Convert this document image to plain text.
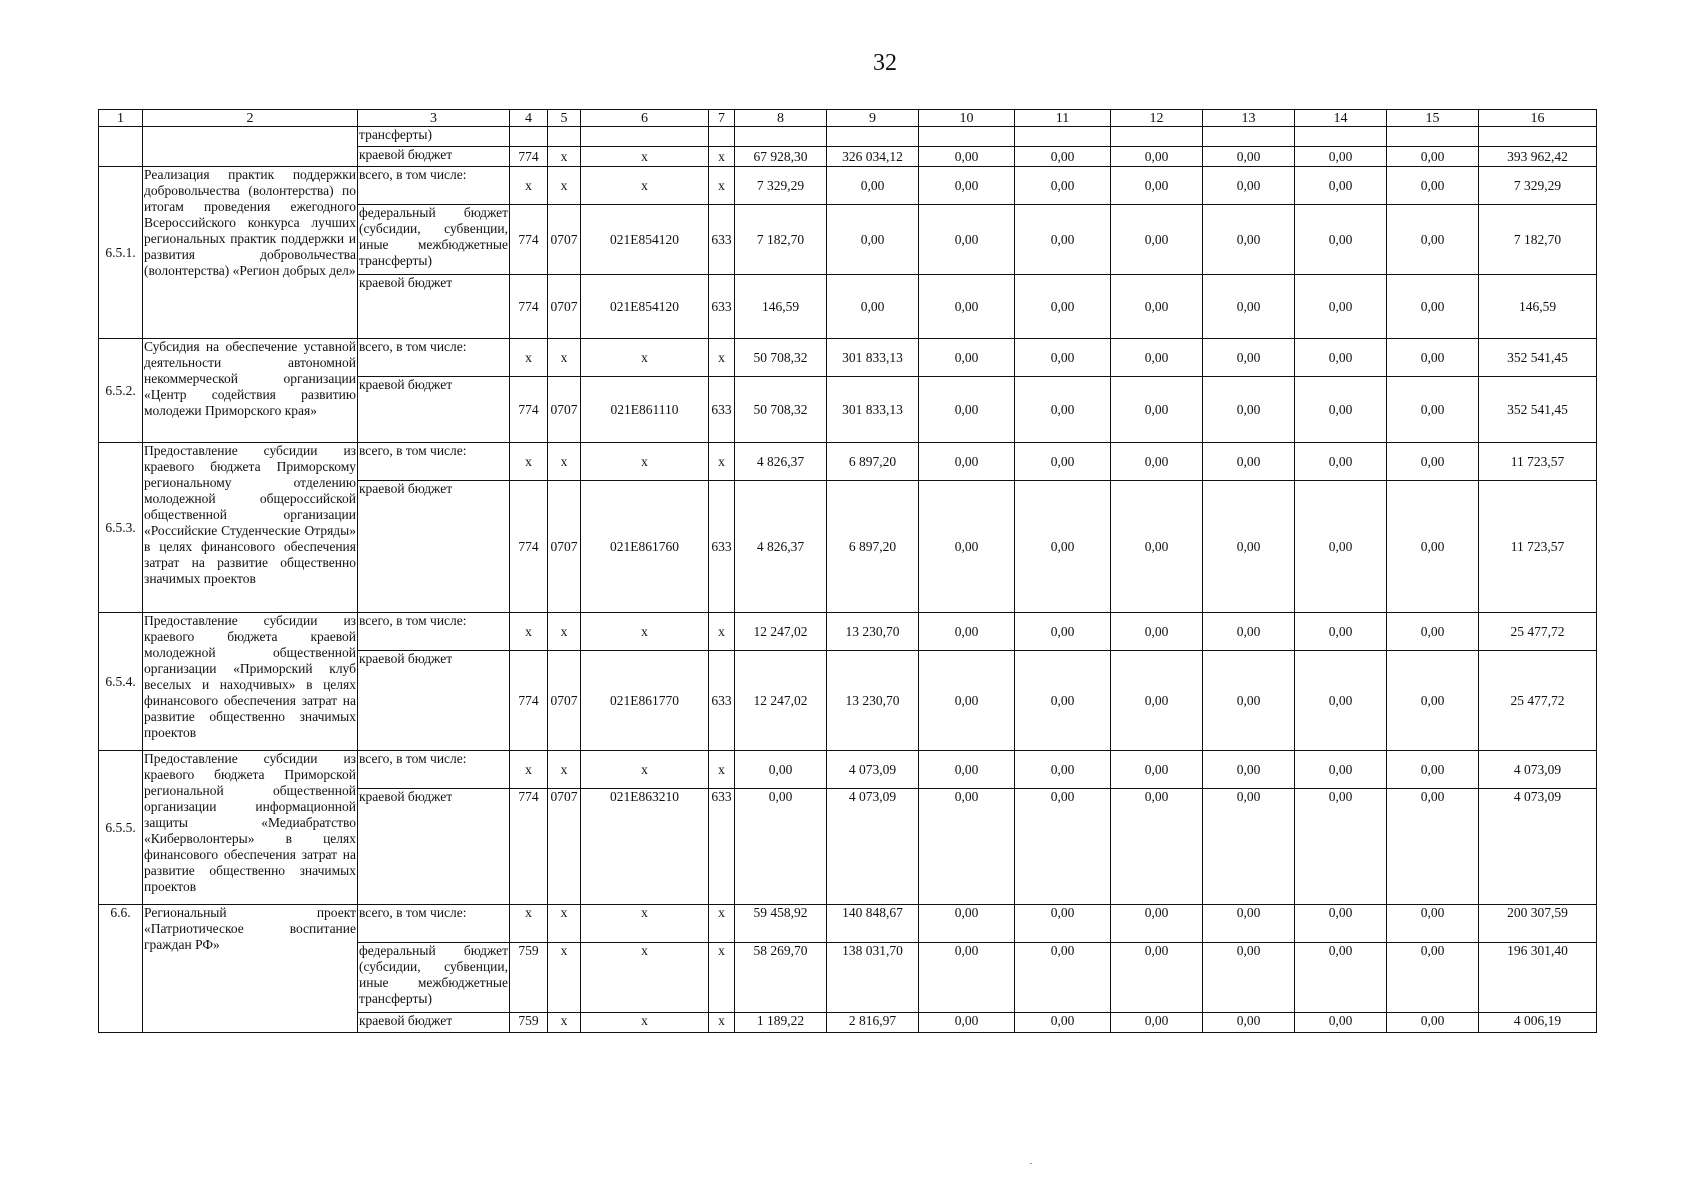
32
1	2	3	4	5	6	7	8	9	10	11	12	13	14	15	16
		трансферты)													
		краевой бюджет	774	x	x	x	67 928,30	326 034,12	0,00	0,00	0,00	0,00	0,00	0,00	393 962,42
6.5.1.	Реализация практик поддержки добровольчества (волонтерства) по итогам проведения ежегодного Всероссийского конкурса лучших региональных практик поддержки и развития добровольчества (волонтерства) «Регион добрых дел»	всего, в том числе:	x	x	x	x	7 329,29	0,00	0,00	0,00	0,00	0,00	0,00	0,00	7 329,29
		федеральный бюджет (субсидии, субвенции, иные межбюджетные трансферты)	774	0707	021E854120	633	7 182,70	0,00	0,00	0,00	0,00	0,00	0,00	0,00	7 182,70
		краевой бюджет	774	0707	021E854120	633	146,59	0,00	0,00	0,00	0,00	0,00	0,00	0,00	146,59
6.5.2.	Субсидия на обеспечение уставной деятельности автономной некоммерческой организации «Центр содействия развитию молодежи Приморского края»	всего, в том числе:	x	x	x	x	50 708,32	301 833,13	0,00	0,00	0,00	0,00	0,00	0,00	352 541,45
		краевой бюджет	774	0707	021E861110	633	50 708,32	301 833,13	0,00	0,00	0,00	0,00	0,00	0,00	352 541,45
6.5.3.	Предоставление субсидии из краевого бюджета Приморскому региональному отделению молодежной общероссийской общественной организации «Российские Студенческие Отряды» в целях финансового обеспечения затрат на развитие общественно значимых проектов	всего, в том числе:	x	x	x	x	4 826,37	6 897,20	0,00	0,00	0,00	0,00	0,00	0,00	11 723,57
		краевой бюджет	774	0707	021E861760	633	4 826,37	6 897,20	0,00	0,00	0,00	0,00	0,00	0,00	11 723,57
6.5.4.	Предоставление субсидии из краевого бюджета краевой молодежной общественной организации «Приморский клуб веселых и находчивых» в целях финансового обеспечения затрат на развитие общественно значимых проектов	всего, в том числе:	x	x	x	x	12 247,02	13 230,70	0,00	0,00	0,00	0,00	0,00	0,00	25 477,72
		краевой бюджет	774	0707	021E861770	633	12 247,02	13 230,70	0,00	0,00	0,00	0,00	0,00	0,00	25 477,72
6.5.5.	Предоставление субсидии из краевого бюджета Приморской региональной общественной организации информационной защиты «Медиабратство «Киберволонтеры» в целях финансового обеспечения затрат на развитие общественно значимых проектов	всего, в том числе:	x	x	x	x	0,00	4 073,09	0,00	0,00	0,00	0,00	0,00	0,00	4 073,09
		краевой бюджет	774	0707	021E863210	633	0,00	4 073,09	0,00	0,00	0,00	0,00	0,00	0,00	4 073,09
6.6.	Региональный проект «Патриотическое воспитание граждан РФ»	всего, в том числе:	x	x	x	x	59 458,92	140 848,67	0,00	0,00	0,00	0,00	0,00	0,00	200 307,59
		федеральный бюджет (субсидии, субвенции, иные межбюджетные трансферты)	759	x	x	x	58 269,70	138 031,70	0,00	0,00	0,00	0,00	0,00	0,00	196 301,40
		краевой бюджет	759	x	x	x	1 189,22	2 816,97	0,00	0,00	0,00	0,00	0,00	0,00	4 006,19
